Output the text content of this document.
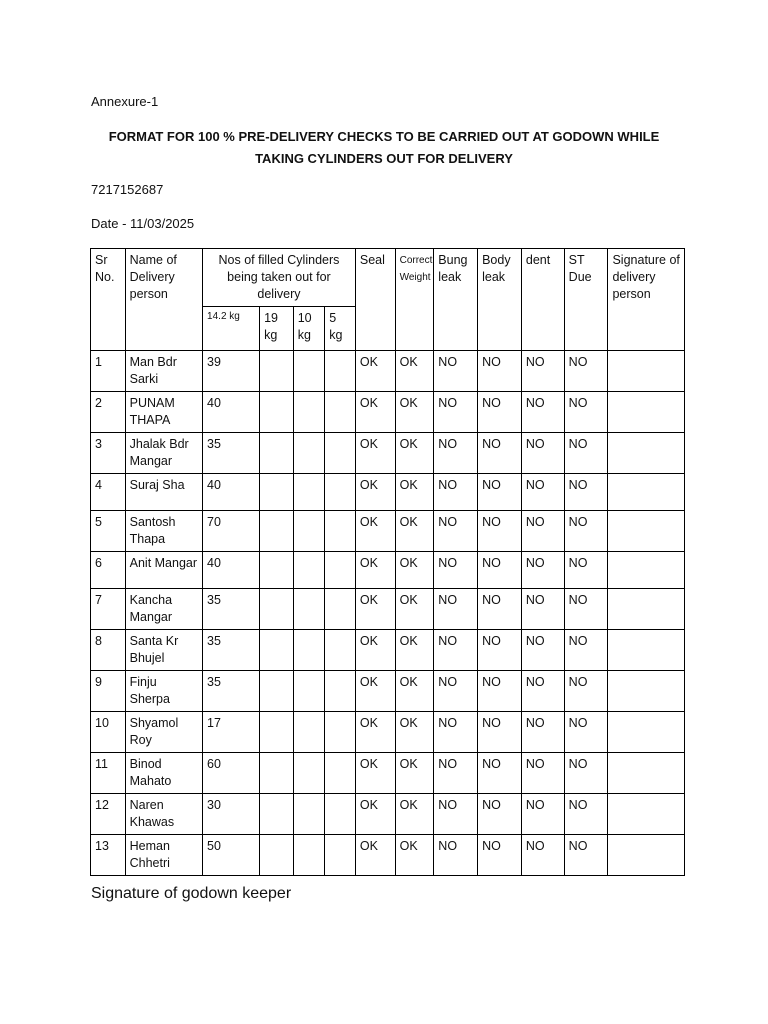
Annexure-1
FORMAT FOR 100 % PRE-DELIVERY CHECKS TO BE CARRIED OUT AT GODOWN WHILE TAKING CYLINDERS OUT FOR DELIVERY
7217152687
Date - 11/03/2025
Sr No.	Name of Delivery person	Nos of filled Cylinders being taken out for delivery				Seal	Correct Weight	Bung leak	Body leak	dent	ST Due	Signature of delivery person
		14.2 kg	19 kg	10 kg	5 kg							
1	Man Bdr Sarki	39				OK	OK	NO	NO	NO	NO	
2	PUNAM THAPA	40				OK	OK	NO	NO	NO	NO	
3	Jhalak Bdr Mangar	35				OK	OK	NO	NO	NO	NO	
4	Suraj Sha	40				OK	OK	NO	NO	NO	NO	
5	Santosh Thapa	70				OK	OK	NO	NO	NO	NO	
6	Anit Mangar	40				OK	OK	NO	NO	NO	NO	
7	Kancha Mangar	35				OK	OK	NO	NO	NO	NO	
8	Santa Kr Bhujel	35				OK	OK	NO	NO	NO	NO	
9	Finju Sherpa	35				OK	OK	NO	NO	NO	NO	
10	Shyamol Roy	17				OK	OK	NO	NO	NO	NO	
11	Binod Mahato	60				OK	OK	NO	NO	NO	NO	
12	Naren Khawas	30				OK	OK	NO	NO	NO	NO	
13	Heman Chhetri	50				OK	OK	NO	NO	NO	NO	
Signature of godown keeper
